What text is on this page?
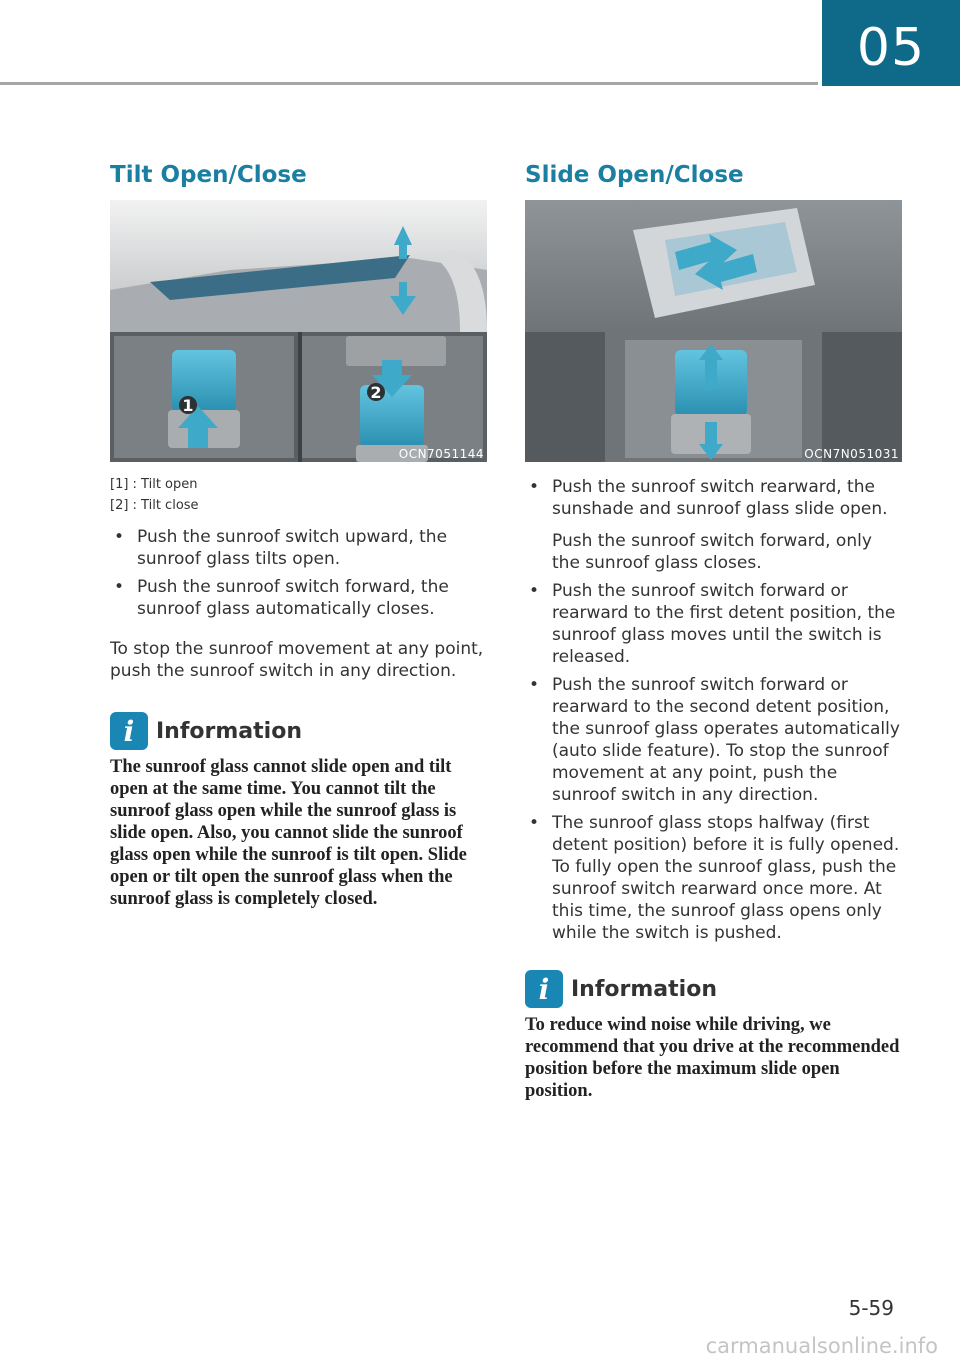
05
Tilt Open/Close
1
2
OCN7051144
[1] : Tilt open
[2] : Tilt close
• Push the sunroof switch upward, the sunroof glass tilts open.
• Push the sunroof switch forward, the sunroof glass automatically closes.

To stop the sunroof movement at any point, push the sunroof switch in any direction.

i Information

The sunroof glass cannot slide open and tilt open at the same time. You cannot tilt the sunroof glass open while the sunroof glass is slide open. Also, you cannot slide the sunroof glass open while the sunroof is tilt open. Slide open or tilt open the sunroof glass when the sunroof glass is completely closed.

Slide Open/Close
OCN7N051031
• Push the sunroof switch rearward, the sunshade and sunroof glass slide open.
Push the sunroof switch forward, only the sunroof glass closes.
• Push the sunroof switch forward or rearward to the first detent position, the sunroof glass moves until the switch is released.
• Push the sunroof switch forward or rearward to the second detent position, the sunroof glass operates automatically (auto slide feature). To stop the sunroof movement at any point, push the sunroof switch in any direction.
• The sunroof glass stops halfway (first detent position) before it is fully opened. To fully open the sunroof glass, push the sunroof switch rearward once more. At this time, the sunroof glass opens only while the switch is pushed.
i Information

To reduce wind noise while driving, we recommend that you drive at the recommended position before the maximum slide open position.

5-59
carmanualsonline.info
